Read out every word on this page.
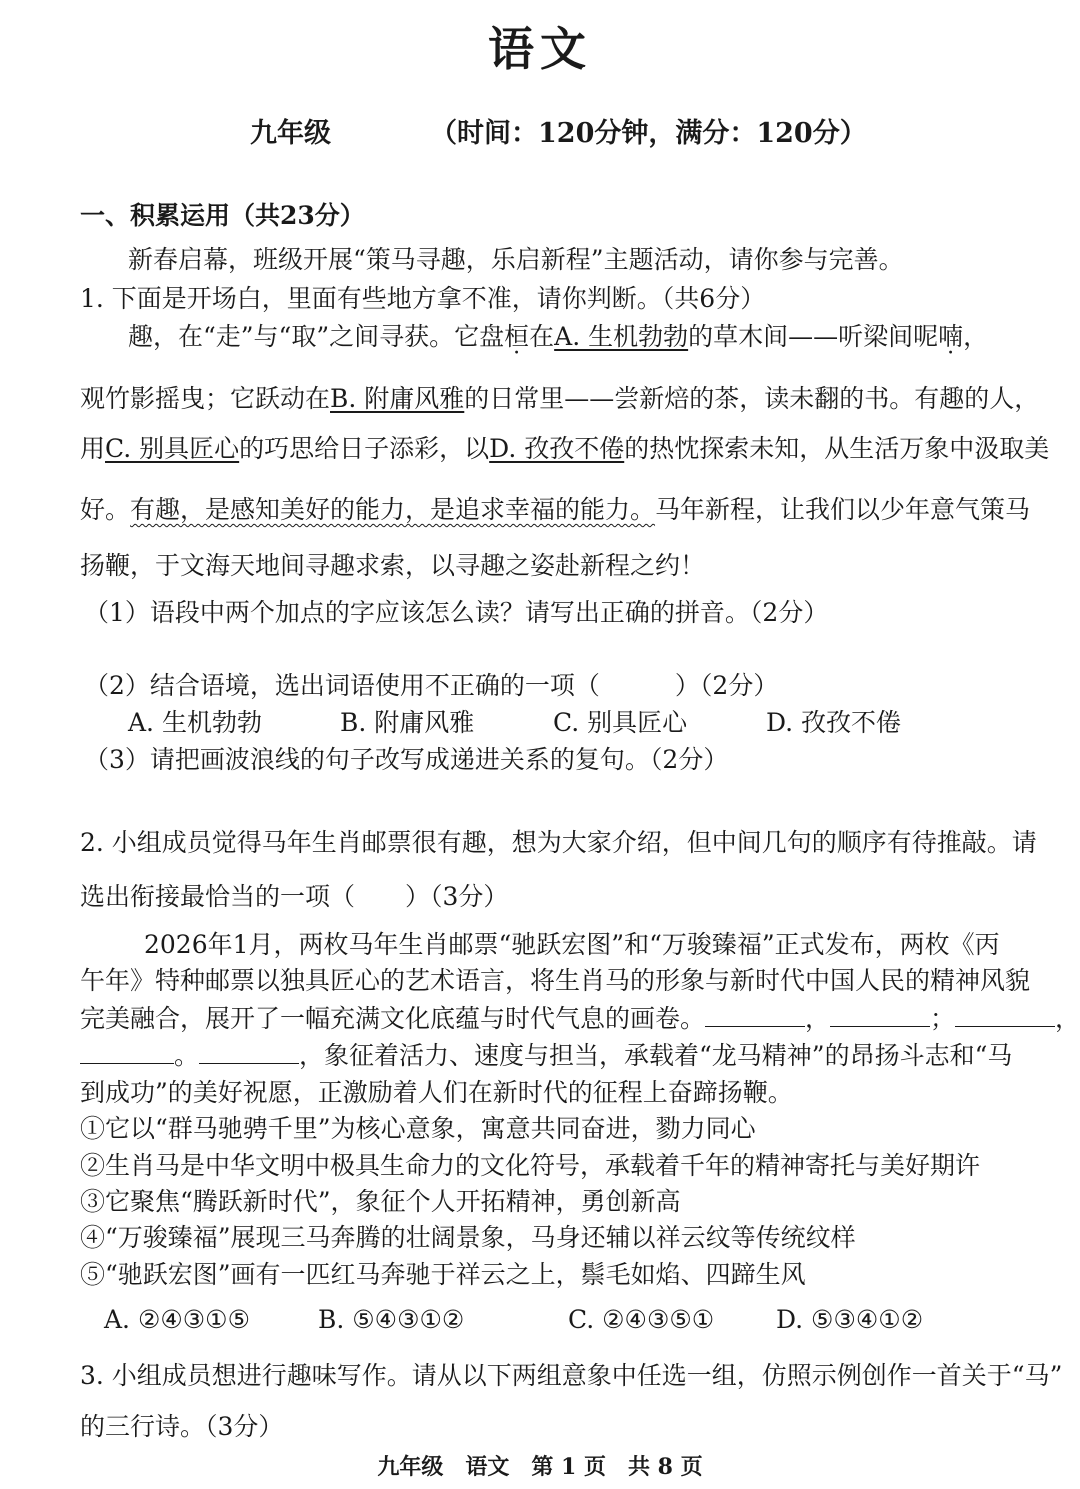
语文
九年级	（时间：120分钟，满分：120分）
一、积累运用（共23分）
新春启幕，班级开展“策马寻趣，乐启新程”主题活动，请你参与完善。
1. 下面是开场白，里面有些地方拿不准，请你判断。（共6分）
趣，在“走”与“取”之间寻获。它盘桓在A. 生机勃勃的草木间——听梁间呢喃，
观竹影摇曳；它跃动在B. 附庸风雅的日常里——尝新焙的茶，读未翻的书。有趣的人，
用C. 别具匠心的巧思给日子添彩，以D. 孜孜不倦的热忱探索未知，从生活万象中汲取美
好。有趣，是感知美好的能力，是追求幸福的能力。马年新程，让我们以少年意气策马
扬鞭，于文海天地间寻趣求索，以寻趣之姿赴新程之约！
（1）语段中两个加点的字应该怎么读？请写出正确的拼音。（2分）
（2）结合语境，选出词语使用不正确的一项（　　　）（2分）
A. 生机勃勃	B. 附庸风雅	C. 别具匠心	D. 孜孜不倦
（3）请把画波浪线的句子改写成递进关系的复句。（2分）
2. 小组成员觉得马年生肖邮票很有趣，想为大家介绍，但中间几句的顺序有待推敲。请
选出衔接最恰当的一项（　　）（3分）
2026年1月，两枚马年生肖邮票“驰跃宏图”和“万骏臻福”正式发布，两枚《丙
午年》特种邮票以独具匠心的艺术语言，将生肖马的形象与新时代中国人民的精神风貌
完美融合，展开了一幅充满文化底蕴与时代气息的画卷。	，	；	，
。	，象征着活力、速度与担当，承载着“龙马精神”的昂扬斗志和“马
到成功”的美好祝愿，正激励着人们在新时代的征程上奋蹄扬鞭。
①它以“群马驰骋千里”为核心意象，寓意共同奋进，勠力同心
②生肖马是中华文明中极具生命力的文化符号，承载着千年的精神寄托与美好期许
③它聚焦“腾跃新时代”，象征个人开拓精神，勇创新高
④“万骏臻福”展现三马奔腾的壮阔景象，马身还辅以祥云纹等传统纹样
⑤“驰跃宏图”画有一匹红马奔驰于祥云之上，鬃毛如焰、四蹄生风
A. ②④③①⑤	B. ⑤④③①②	C. ②④③⑤① D. ⑤③④①②
3. 小组成员想进行趣味写作。请从以下两组意象中任选一组，仿照示例创作一首关于“马”
的三行诗。（3分）
九年级　语文　第 1 页　共 8 页
